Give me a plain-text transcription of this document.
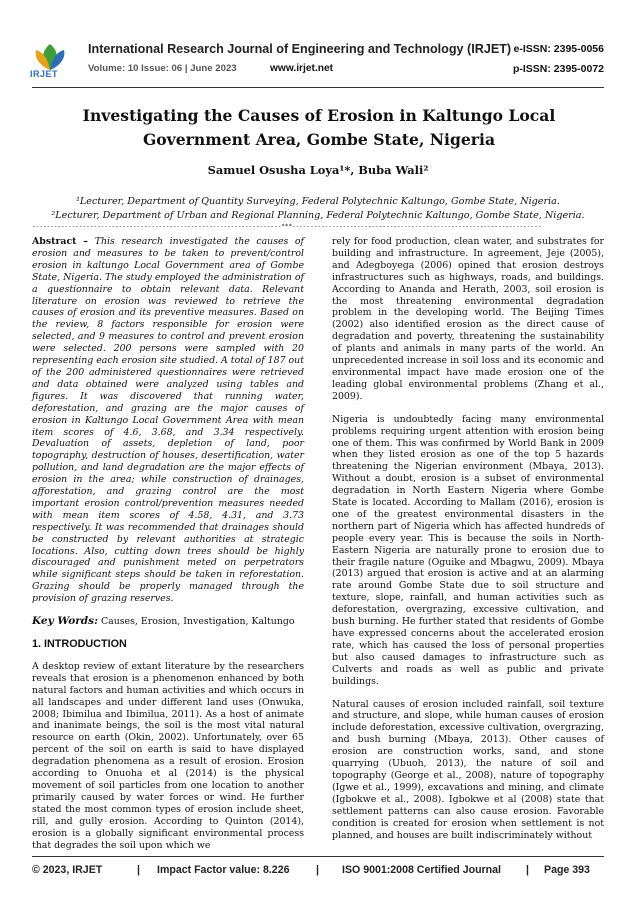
IRJET
International Research Journal of Engineering and Technology (IRJET) e-ISSN: 2395-0056
Volume: 10 Issue: 06 | June 2023	www.irjet.net	p-ISSN: 2395-0072
Investigating the Causes of Erosion in Kaltungo Local Government Area, Gombe State, Nigeria
Samuel Osusha Loya¹*, Buba Wali²
¹Lecturer, Department of Quantity Surveying, Federal Polytechnic Kaltungo, Gombe State, Nigeria.
²Lecturer, Department of Urban and Regional Planning, Federal Polytechnic Kaltungo, Gombe State, Nigeria.
---------------------------------------------------------------------***---------------------------------------------------------------------

Abstract – This research investigated the causes of erosion and measures to be taken to prevent/control erosion in kaltungo Local Government area of Gombe State, Nigeria. The study employed the administration of a questionnaire to obtain relevant data. Relevant literature on erosion was reviewed to retrieve the causes of erosion and its preventive measures. Based on the review, 8 factors responsible for erosion were selected, and 9 measures to control and prevent erosion were selected. 200 persons were sampled with 20 representing each erosion site studied. A total of 187 out of the 200 administered questionnaires were retrieved and data obtained were analyzed using tables and figures. It was discovered that running water, deforestation, and grazing are the major causes of erosion in Kaltungo Local Government Area with mean item scores of 4.6, 3.68, and 3.34 respectively. Devaluation of assets, depletion of land, poor topography, destruction of houses, desertification, water pollution, and land degradation are the major effects of erosion in the area; while construction of drainages, afforestation, and grazing control are the most important erosion control/prevention measures needed with mean item scores of 4.58, 4.31, and 3.73 respectively. It was recommended that drainages should be constructed by relevant authorities at strategic locations. Also, cutting down trees should be highly discouraged and punishment meted on perpetrators while significant steps should be taken in reforestation. Grazing should be properly managed through the provision of grazing reserves.

Key Words: Causes, Erosion, Investigation, Kaltungo

1. INTRODUCTION

A desktop review of extant literature by the researchers reveals that erosion is a phenomenon enhanced by both natural factors and human activities and which occurs in all landscapes and under different land uses (Onwuka, 2008; Ibimilua and Ibimilua, 2011). As a host of animate and inanimate beings, the soil is the most vital natural resource on earth (Okin, 2002). Unfortunately, over 65 percent of the soil on earth is said to have displayed degradation phenomena as a result of erosion. Erosion according to Onuoha et al (2014) is the physical movement of soil particles from one location to another primarily caused by water forces or wind. He further stated the most common types of erosion include sheet, rill, and gully erosion. According to Quinton (2014), erosion is a globally significant environmental process that degrades the soil upon which we

rely for food production, clean water, and substrates for building and infrastructure. In agreement, Jeje (2005), and Adegboyega (2006) opined that erosion destroys infrastructures such as highways, roads, and buildings. According to Ananda and Herath, 2003, soil erosion is the most threatening environmental degradation problem in the developing world. The Beijing Times (2002) also identified erosion as the direct cause of degradation and poverty, threatening the sustainability of plants and animals in many parts of the world. An unprecedented increase in soil loss and its economic and environmental impact have made erosion one of the leading global environmental problems (Zhang et al., 2009).

Nigeria is undoubtedly facing many environmental problems requiring urgent attention with erosion being one of them. This was confirmed by World Bank in 2009 when they listed erosion as one of the top 5 hazards threatening the Nigerian environment (Mbaya, 2013). Without a doubt, erosion is a subset of environmental degradation in North Eastern Nigeria where Gombe State is located. According to Mallam (2016), erosion is one of the greatest environmental disasters in the northern part of Nigeria which has affected hundreds of people every year. This is because the soils in North-Eastern Nigeria are naturally prone to erosion due to their fragile nature (Oguike and Mbagwu, 2009). Mbaya (2013) argued that erosion is active and at an alarming rate around Gombe State due to soil structure and texture, slope, rainfall, and human activities such as deforestation, overgrazing, excessive cultivation, and bush burning. He further stated that residents of Gombe have expressed concerns about the accelerated erosion rate, which has caused the loss of personal properties but also caused damages to infrastructure such as Culverts and roads as well as public and private buildings.

Natural causes of erosion included rainfall, soil texture and structure, and slope, while human causes of erosion include deforestation, excessive cultivation, overgrazing, and bush burning (Mbaya, 2013). Other causes of erosion are construction works, sand, and stone quarrying (Ubuoh, 2013), the nature of soil and topography (George et al., 2008), nature of topography (Igwe et al., 1999), excavations and mining, and climate (Igbokwe et al., 2008). Igbokwe et al (2008) state that settlement patterns can also cause erosion. Favorable condition is created for erosion when settlement is not planned, and houses are built indiscriminately without

© 2023, IRJET	| Impact Factor value: 8.226	| ISO 9001:2008 Certified Journal | Page 393
